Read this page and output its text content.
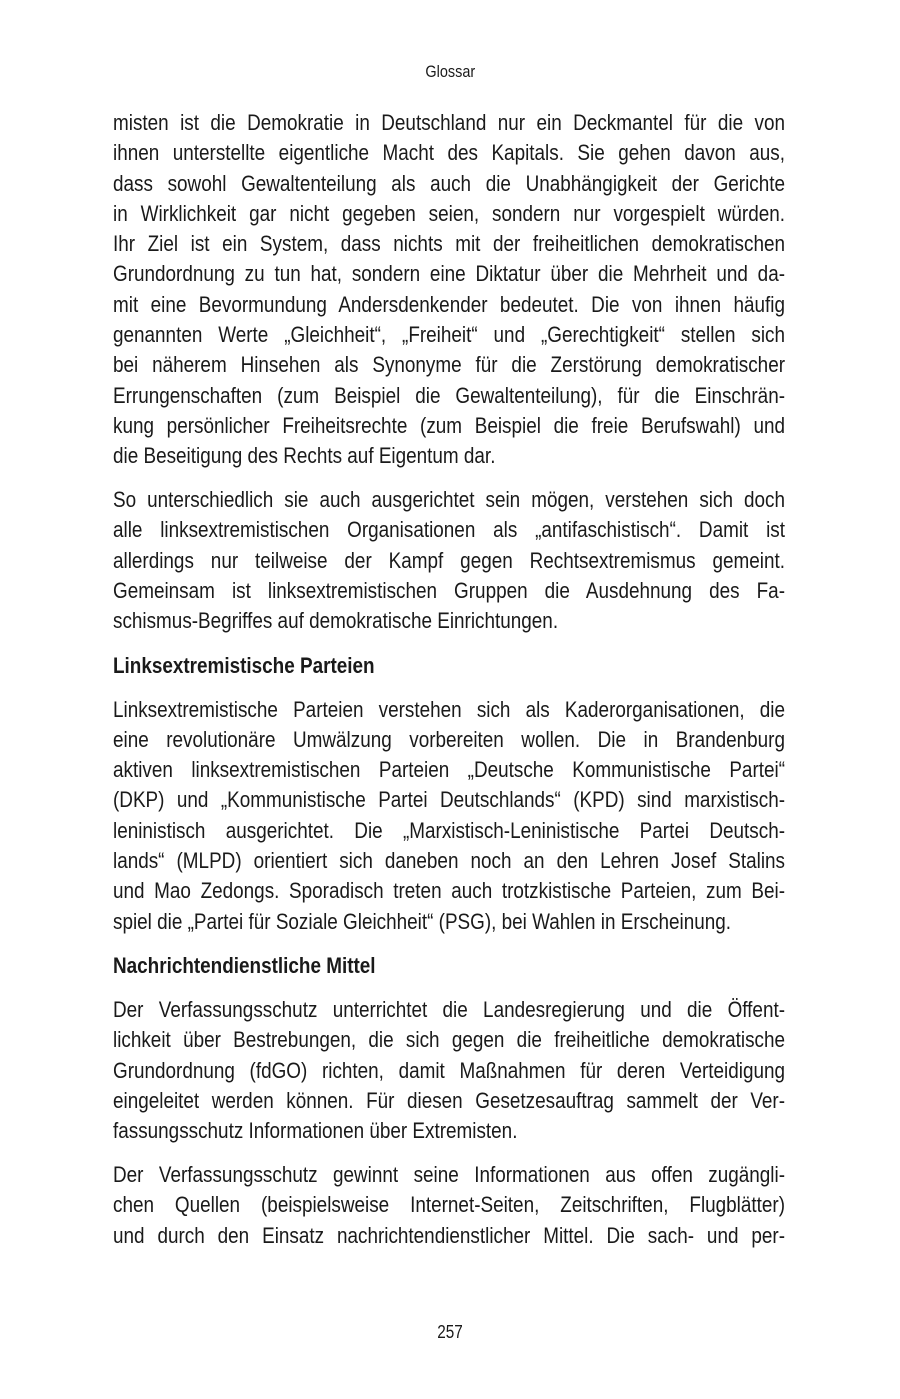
Glossar
misten ist die Demokratie in Deutschland nur ein Deckmantel für die von
ihnen unterstellte eigentliche Macht des Kapitals. Sie gehen davon aus,
dass sowohl Gewaltenteilung als auch die Unabhängigkeit der Gerichte
in Wirklichkeit gar nicht gegeben seien, sondern nur vorgespielt würden.
Ihr Ziel ist ein System, dass nichts mit der freiheitlichen demokratischen
Grundordnung zu tun hat, sondern eine Diktatur über die Mehrheit und da-
mit eine Bevormundung Andersdenkender bedeutet. Die von ihnen häufig
genannten Werte „Gleichheit“, „Freiheit“ und „Gerechtigkeit“ stellen sich
bei näherem Hinsehen als Synonyme für die Zerstörung demokratischer
Errungenschaften (zum Beispiel die Gewaltenteilung), für die Einschrän-
kung persönlicher Freiheitsrechte (zum Beispiel die freie Berufswahl) und
die Beseitigung des Rechts auf Eigentum dar.
So unterschiedlich sie auch ausgerichtet sein mögen, verstehen sich doch
alle linksextremistischen Organisationen als „antifaschistisch“. Damit ist
allerdings nur teilweise der Kampf gegen Rechtsextremismus gemeint.
Gemeinsam ist linksextremistischen Gruppen die Ausdehnung des Fa-
schismus-Begriffes auf demokratische Einrichtungen.
Linksextremistische Parteien
Linksextremistische Parteien verstehen sich als Kaderorganisationen, die
eine revolutionäre Umwälzung vorbereiten wollen. Die in Brandenburg
aktiven linksextremistischen Parteien „Deutsche Kommunistische Partei“
(DKP) und „Kommunistische Partei Deutschlands“ (KPD) sind marxistisch-
leninistisch ausgerichtet. Die „Marxistisch-Leninistische Partei Deutsch-
lands“ (MLPD) orientiert sich daneben noch an den Lehren Josef Stalins
und Mao Zedongs. Sporadisch treten auch trotzkistische Parteien, zum Bei-
spiel die „Partei für Soziale Gleichheit“ (PSG), bei Wahlen in Erscheinung.
Nachrichtendienstliche Mittel
Der Verfassungsschutz unterrichtet die Landesregierung und die Öffent-
lichkeit über Bestrebungen, die sich gegen die freiheitliche demokratische
Grundordnung (fdGO) richten, damit Maßnahmen für deren Verteidigung
eingeleitet werden können. Für diesen Gesetzesauftrag sammelt der Ver-
fassungsschutz Informationen über Extremisten.
Der Verfassungsschutz gewinnt seine Informationen aus offen zugängli-
chen Quellen (beispielsweise Internet-Seiten, Zeitschriften, Flugblätter)
und durch den Einsatz nachrichtendienstlicher Mittel. Die sach- und per-
257
